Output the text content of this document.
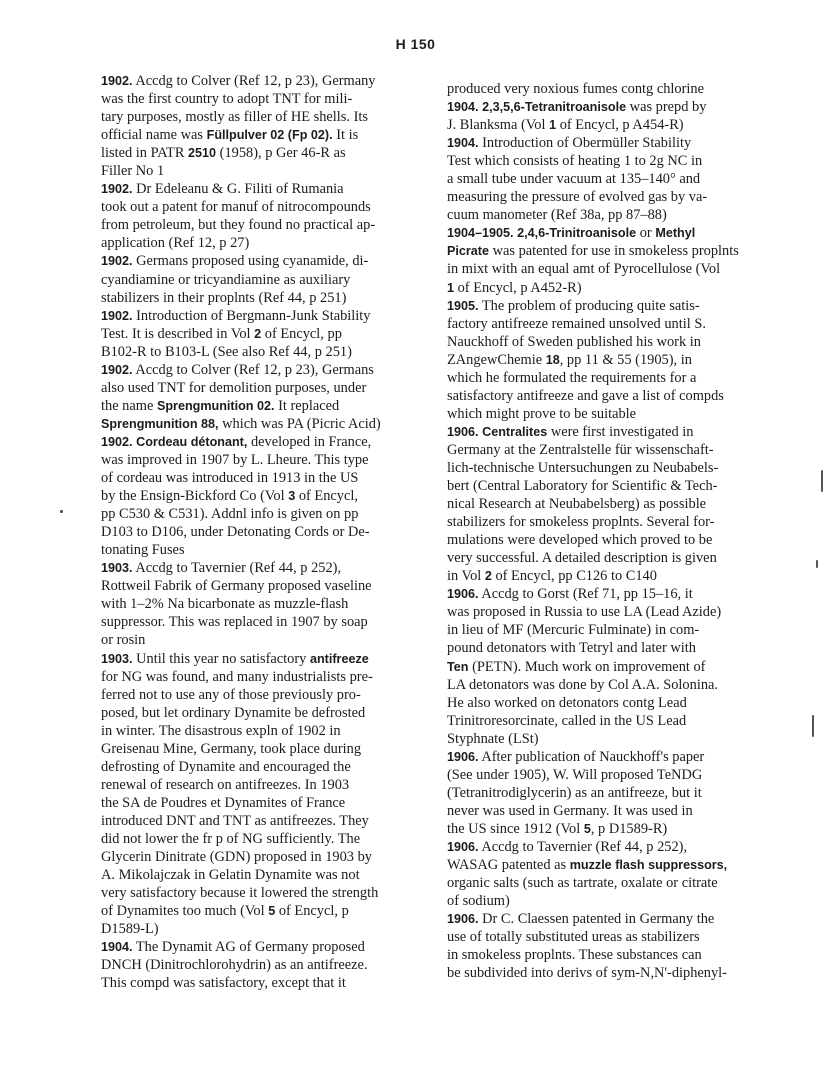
H 150
1902. Accdg to Colver (Ref 12, p 23), Germany
was the first country to adopt TNT for mili-
tary purposes, mostly as filler of HE shells. Its
official name was Füllpulver 02 (Fp 02). It is
listed in PATR 2510 (1958), p Ger 46-R as
Filler No 1
1902. Dr Edeleanu & G. Filiti of Rumania
took out a patent for manuf of nitrocompounds
from petroleum, but they found no practical ap-
application (Ref 12, p 27)
1902. Germans proposed using cyanamide, di-
cyandiamine or tricyandiamine as auxiliary
stabilizers in their proplnts (Ref 44, p 251)
1902. Introduction of Bergmann-Junk Stability
Test. It is described in Vol 2 of Encycl, pp
B102-R to B103-L (See also Ref 44, p 251)
1902. Accdg to Colver (Ref 12, p 23), Germans
also used TNT for demolition purposes, under
the name Sprengmunition 02. It replaced
Sprengmunition 88, which was PA (Picric Acid)
1902. Cordeau détonant, developed in France,
was improved in 1907 by L. Lheure. This type
of cordeau was introduced in 1913 in the US
by the Ensign-Bickford Co (Vol 3 of Encycl,
pp C530 & C531). Addnl info is given on pp
D103 to D106, under Detonating Cords or De-
tonating Fuses
1903. Accdg to Tavernier (Ref 44, p 252),
Rottweil Fabrik of Germany proposed vaseline
with 1–2% Na bicarbonate as muzzle-flash
suppressor. This was replaced in 1907 by soap
or rosin
1903. Until this year no satisfactory antifreeze
for NG was found, and many industrialists pre-
ferred not to use any of those previously pro-
posed, but let ordinary Dynamite be defrosted
in winter. The disastrous expln of 1902 in
Greisenau Mine, Germany, took place during
defrosting of Dynamite and encouraged the
renewal of research on antifreezes. In 1903
the SA de Poudres et Dynamites of France
introduced DNT and TNT as antifreezes. They
did not lower the fr p of NG sufficiently. The
Glycerin Dinitrate (GDN) proposed in 1903 by
A. Mikolajczak in Gelatin Dynamite was not
very satisfactory because it lowered the strength
of Dynamites too much (Vol 5 of Encycl, p
D1589-L)
1904. The Dynamit AG of Germany proposed
DNCH (Dinitrochlorohydrin) as an antifreeze.
This compd was satisfactory, except that it
produced very noxious fumes contg chlorine
1904. 2,3,5,6-Tetranitroanisole was prepd by
J. Blanksma (Vol 1 of Encycl, p A454-R)
1904. Introduction of Obermüller Stability
Test which consists of heating 1 to 2g NC in
a small tube under vacuum at 135–140° and
measuring the pressure of evolved gas by va-
cuum manometer (Ref 38a, pp 87–88)
1904–1905. 2,4,6-Trinitroanisole or Methyl
Picrate was patented for use in smokeless proplnts
in mixt with an equal amt of Pyrocellulose (Vol
1 of Encycl, p A452-R)
1905. The problem of producing quite satis-
factory antifreeze remained unsolved until S.
Nauckhoff of Sweden published his work in
ZAngewChemie 18, pp 11 & 55 (1905), in
which he formulated the requirements for a
satisfactory antifreeze and gave a list of compds
which might prove to be suitable
1906. Centralites were first investigated in
Germany at the Zentralstelle für wissenschaft-
lich-technische Untersuchungen zu Neubabels-
bert (Central Laboratory for Scientific & Tech-
nical Research at Neubabelsberg) as possible
stabilizers for smokeless proplnts. Several for-
mulations were developed which proved to be
very successful. A detailed description is given
in Vol 2 of Encycl, pp C126 to C140
1906. Accdg to Gorst (Ref 71, pp 15–16, it
was proposed in Russia to use LA (Lead Azide)
in lieu of MF (Mercuric Fulminate) in com-
pound detonators with Tetryl and later with
Ten (PETN). Much work on improvement of
LA detonators was done by Col A.A. Solonina.
He also worked on detonators contg Lead
Trinitroresorcinate, called in the US Lead
Styphnate (LSt)
1906. After publication of Nauckhoff's paper
(See under 1905), W. Will proposed TeNDG
(Tetranitrodiglycerin) as an antifreeze, but it
never was used in Germany. It was used in
the US since 1912 (Vol 5, p D1589-R)
1906. Accdg to Tavernier (Ref 44, p 252),
WASAG patented as muzzle flash suppressors,
organic salts (such as tartrate, oxalate or citrate
of sodium)
1906. Dr C. Claessen patented in Germany the
use of totally substituted ureas as stabilizers
in smokeless proplnts. These substances can
be subdivided into derivs of sym-N,N'-diphenyl-
